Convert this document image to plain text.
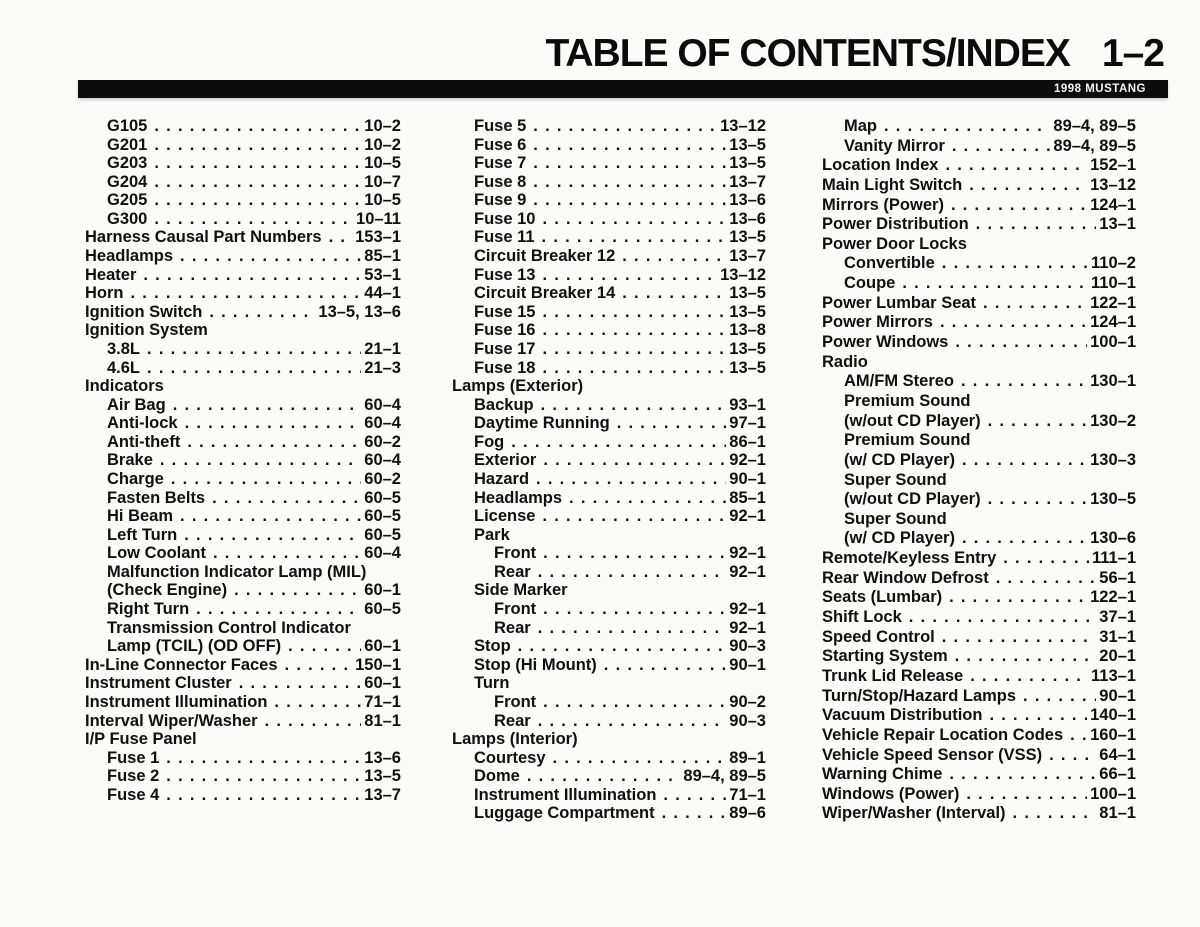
TABLE OF CONTENTS/INDEX 1–2
1998 MUSTANG
G105 .....	10–2
G201 .....	10–2
G203 .....	10–5
G204 .....	10–7
G205 .....	10–5
G300 .....	10–11
Harness Causal Part Numbers ..... 153–1
Headlamps .....	85–1
Heater .....	53–1
Horn .....	44–1
Ignition Switch .....	13–5, 13–6
Ignition System
3.8L .....	21–1
4.6L .....	21–3
Indicators
Air Bag .....	60–4
Anti-lock .....	60–4
Anti-theft .....	60–2
Brake .....	60–4
Charge .....	60–2
Fasten Belts .....	60–5
Hi Beam .....	60–5
Left Turn .....	60–5
Low Coolant .....	60–4
Malfunction Indicator Lamp (MIL)
(Check Engine) .....	60–1
Right Turn .....	60–5
Transmission Control Indicator
Lamp (TCIL) (OD OFF) .....	60–1
In-Line Connector Faces .....	150–1
Instrument Cluster .....	60–1
Instrument Illumination .....	71–1
Interval Wiper/Washer .....	81–1
I/P Fuse Panel
Fuse 1 .....	13–6
Fuse 2 .....	13–5
Fuse 4 .....	13–7
Fuse 5 .....	13–12
Fuse 6 .....	13–5
Fuse 7 .....	13–5
Fuse 8 .....	13–7
Fuse 9 .....	13–6
Fuse 10 .....	13–6
Fuse 11 .....	13–5
Circuit Breaker 12 .....	13–7
Fuse 13 .....	13–12
Circuit Breaker 14 .....	13–5
Fuse 15 .....	13–5
Fuse 16 .....	13–8
Fuse 17 .....	13–5
Fuse 18 .....	13–5
Lamps (Exterior)
Backup .....	93–1
Daytime Running .....	97–1
Fog .....	86–1
Exterior .....	92–1
Hazard .....	90–1
Headlamps .....	85–1
License .....	92–1
Park
Front .....	92–1
Rear .....	92–1
Side Marker
Front .....	92–1
Rear .....	92–1
Stop .....	90–3
Stop (Hi Mount) .....	90–1
Turn
Front .....	90–2
Rear .....	90–3
Lamps (Interior)
Courtesy .....	89–1
Dome .....	89–4, 89–5
Instrument Illumination .....	71–1
Luggage Compartment .....	89–6
Map .....	89–4, 89–5
Vanity Mirror .....	89–4, 89–5
Location Index .....	152–1
Main Light Switch .....	13–12
Mirrors (Power) .....	124–1
Power Distribution .....	13–1
Power Door Locks
Convertible .....	110–2
Coupe .....	110–1
Power Lumbar Seat .....	122–1
Power Mirrors .....	124–1
Power Windows .....	100–1
Radio
AM/FM Stereo .....	130–1
Premium Sound
(w/out CD Player) .....	130–2
Premium Sound
(w/ CD Player) .....	130–3
Super Sound
(w/out CD Player) .....	130–5
Super Sound
(w/ CD Player) .....	130–6
Remote/Keyless Entry .....	111–1
Rear Window Defrost .....	56–1
Seats (Lumbar) .....	122–1
Shift Lock .....	37–1
Speed Control .....	31–1
Starting System .....	20–1
Trunk Lid Release .....	113–1
Turn/Stop/Hazard Lamps .....	90–1
Vacuum Distribution .....	140–1
Vehicle Repair Location Codes ..... 160–1
Vehicle Speed Sensor (VSS) .....	64–1
Warning Chime .....	66–1
Windows (Power) .....	100–1
Wiper/Washer (Interval) .....	81–1
